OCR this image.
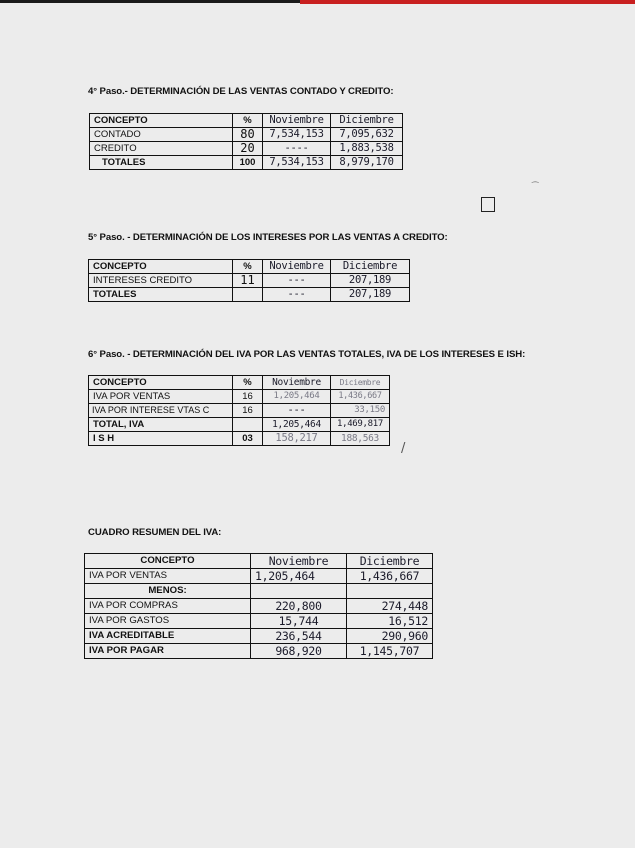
4° Paso.- DETERMINACIÓN DE LAS VENTAS CONTADO Y CREDITO:
CONCEPTO	%	Noviembre	Diciembre
CONTADO	80	7,534,153	7,095,632
CREDITO	20	----	1,883,538
TOTALES	100	7,534,153	8,979,170
⁀
5° Paso. - DETERMINACIÓN DE LOS INTERESES POR LAS VENTAS A CREDITO:
CONCEPTO	%	Noviembre	Diciembre
INTERESES CREDITO	11	---	207,189
TOTALES		---	207,189
6° Paso. - DETERMINACIÓN DEL IVA POR LAS VENTAS TOTALES, IVA DE LOS INTERESES E ISH:
CONCEPTO	%	Noviembre	Diciembre
IVA POR VENTAS	16	1,205,464	1,436,667
IVA POR INTERESE VTAS C	16	---	33,150
TOTAL, IVA		1,205,464	1,469,817
I S H	03	158,217	188,563
/
CUADRO RESUMEN DEL IVA:
CONCEPTO	Noviembre	Diciembre
IVA POR VENTAS	1,205,464	1,436,667
MENOS:		
IVA POR COMPRAS	220,800	274,448
IVA POR GASTOS	15,744	16,512
IVA ACREDITABLE	236,544	290,960
IVA POR PAGAR	968,920	1,145,707
